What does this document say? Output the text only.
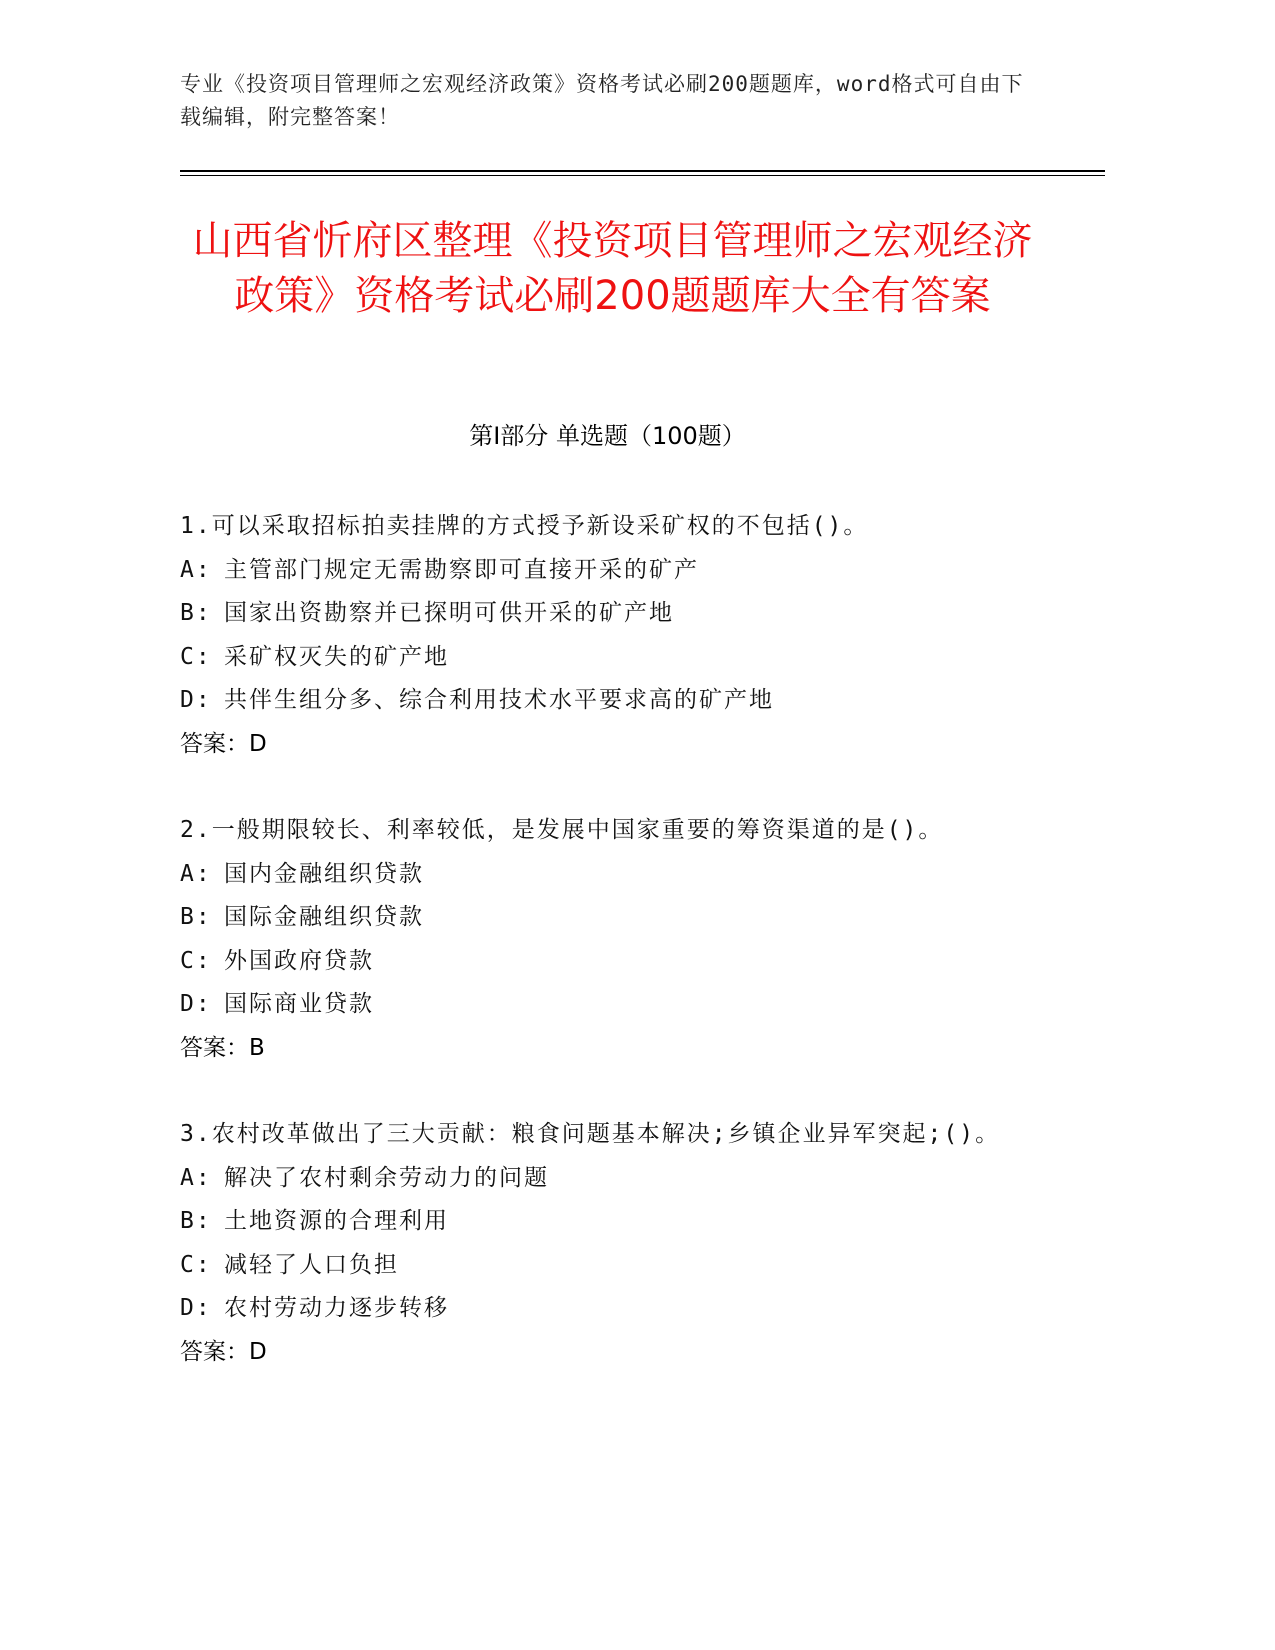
专业《投资项目管理师之宏观经济政策》资格考试必刷200题题库，word格式可自由下载编辑，附完整答案！
山西省忻府区整理《投资项目管理师之宏观经济政策》资格考试必刷200题题库大全有答案
第Ⅰ部分 单选题（100题）
1.可以采取招标拍卖挂牌的方式授予新设采矿权的不包括()。
A: 主管部门规定无需勘察即可直接开采的矿产
B: 国家出资勘察并已探明可供开采的矿产地
C: 采矿权灭失的矿产地
D: 共伴生组分多、综合利用技术水平要求高的矿产地
答案：D
2.一般期限较长、利率较低，是发展中国家重要的筹资渠道的是()。
A: 国内金融组织贷款
B: 国际金融组织贷款
C: 外国政府贷款
D: 国际商业贷款
答案：B
3.农村改革做出了三大贡献：粮食问题基本解决;乡镇企业异军突起;()。
A: 解决了农村剩余劳动力的问题
B: 土地资源的合理利用
C: 减轻了人口负担
D: 农村劳动力逐步转移
答案：D
